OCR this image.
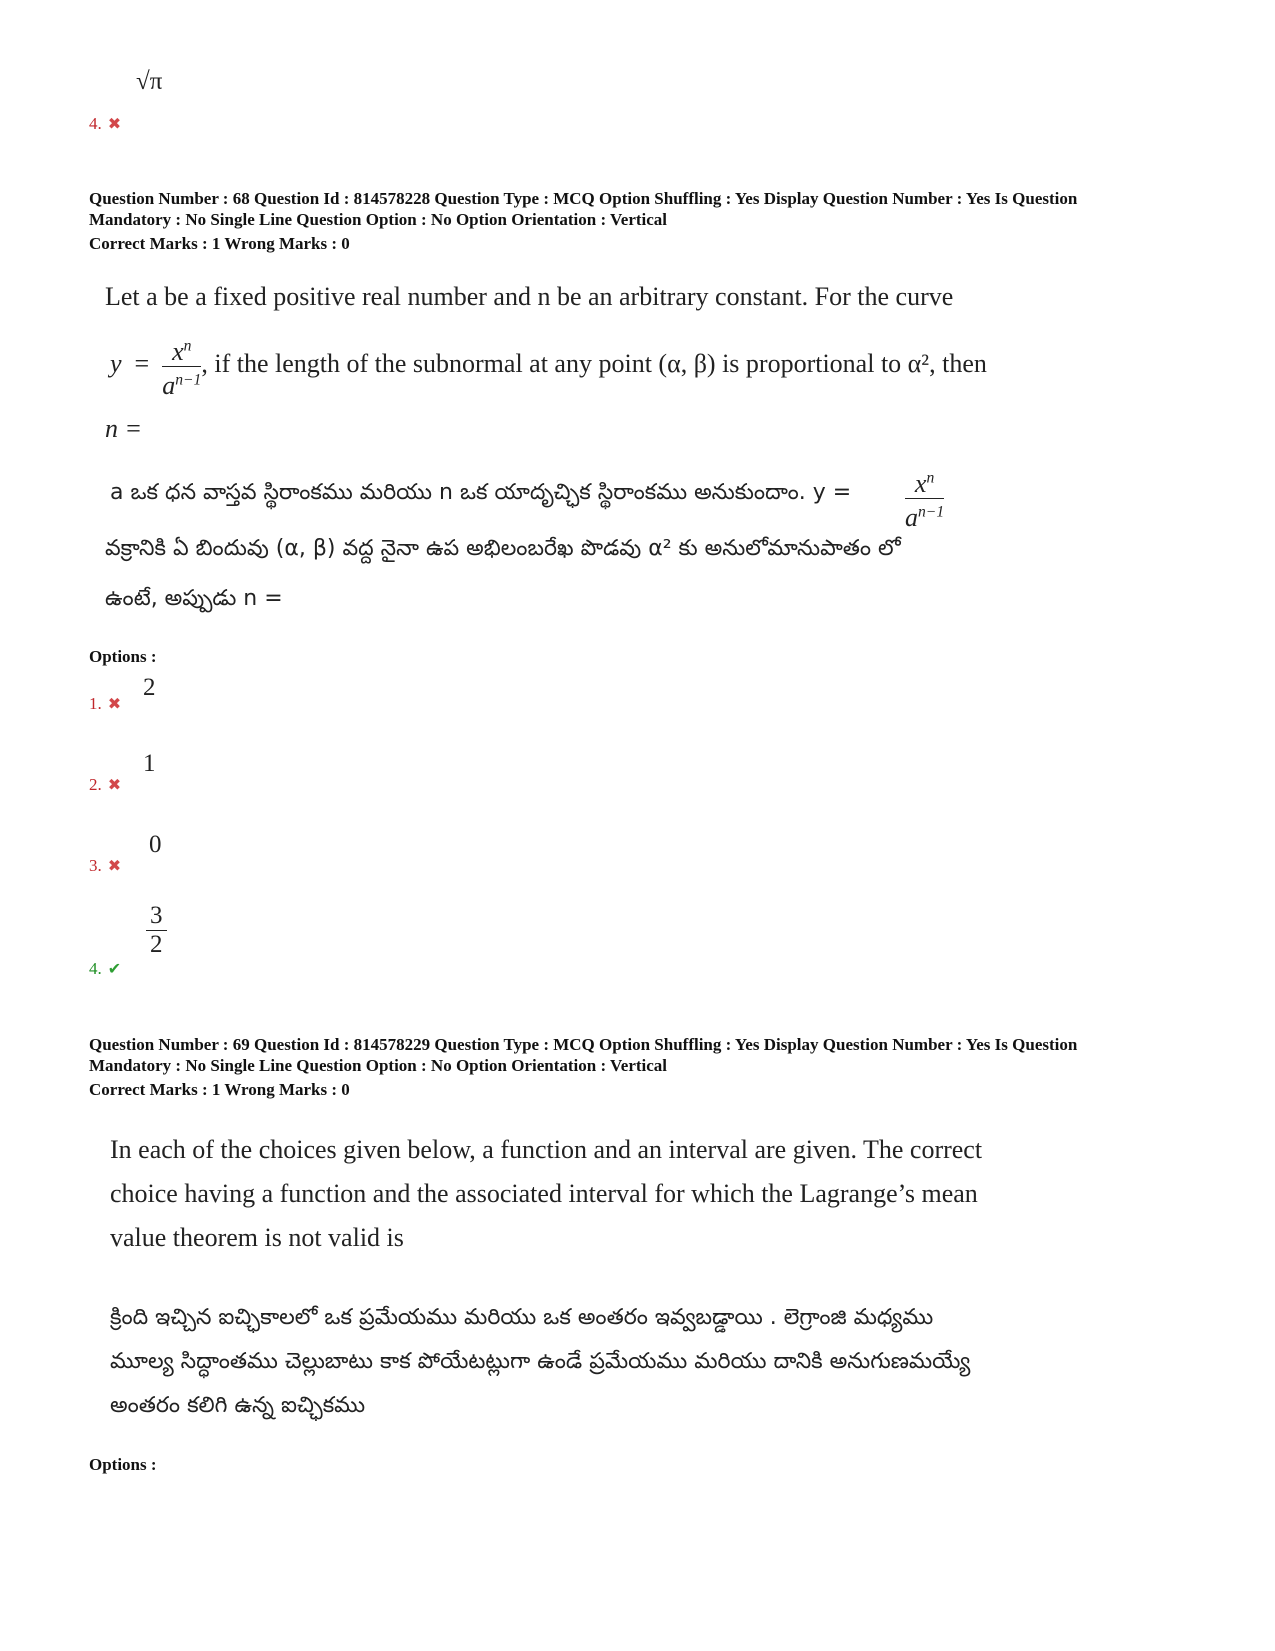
√π
4. ✖
Question Number : 68 Question Id : 814578228 Question Type : MCQ Option Shuffling : Yes Display Question Number : Yes Is Question
Mandatory : No Single Line Question Option : No Option Orientation : Vertical
Correct Marks : 1 Wrong Marks : 0
Let a be a fixed positive real number and n be an arbitrary constant. For the curve
$y = \frac{x^n}{a^{n-1}}$ , if the length of the subnormal at any point (α, β) is proportional to α², then
n =
a ఒక ధన వాస్తవ స్థిరాంకము మరియు n ఒక యాదృచ్ఛిక స్థిరాంకము అనుకుందాం. $y = \frac{x^n}{a^{n-1}}$
వక్రానికి ఏ బిందువు (α, β) వద్ద నైనా ఉప అభిలంబరేఖ పొడవు α² కు అనులోమానుపాతం లో
ఉంటే, అప్పుడు n =
Options :
2
1. ✖
1
2. ✖
0
3. ✖
$\frac{3}{2}$
4. ✔
Question Number : 69 Question Id : 814578229 Question Type : MCQ Option Shuffling : Yes Display Question Number : Yes Is Question
Mandatory : No Single Line Question Option : No Option Orientation : Vertical
Correct Marks : 1 Wrong Marks : 0
In each of the choices given below, a function and an interval are given. The correct
choice having a function and the associated interval for which the Lagrange’s mean
value theorem is not valid is
క్రింది ఇచ్చిన ఐచ్ఛికాలలో ఒక ప్రమేయము మరియు ఒక అంతరం ఇవ్వబడ్డాయి . లెగ్రాంజి మధ్యము
మూల్య సిద్ధాంతము చెల్లుబాటు కాక పోయేటట్లుగా ఉండే ప్రమేయము మరియు దానికి అనుగుణమయ్యే
అంతరం కలిగి ఉన్న ఐచ్ఛికము
Options :
